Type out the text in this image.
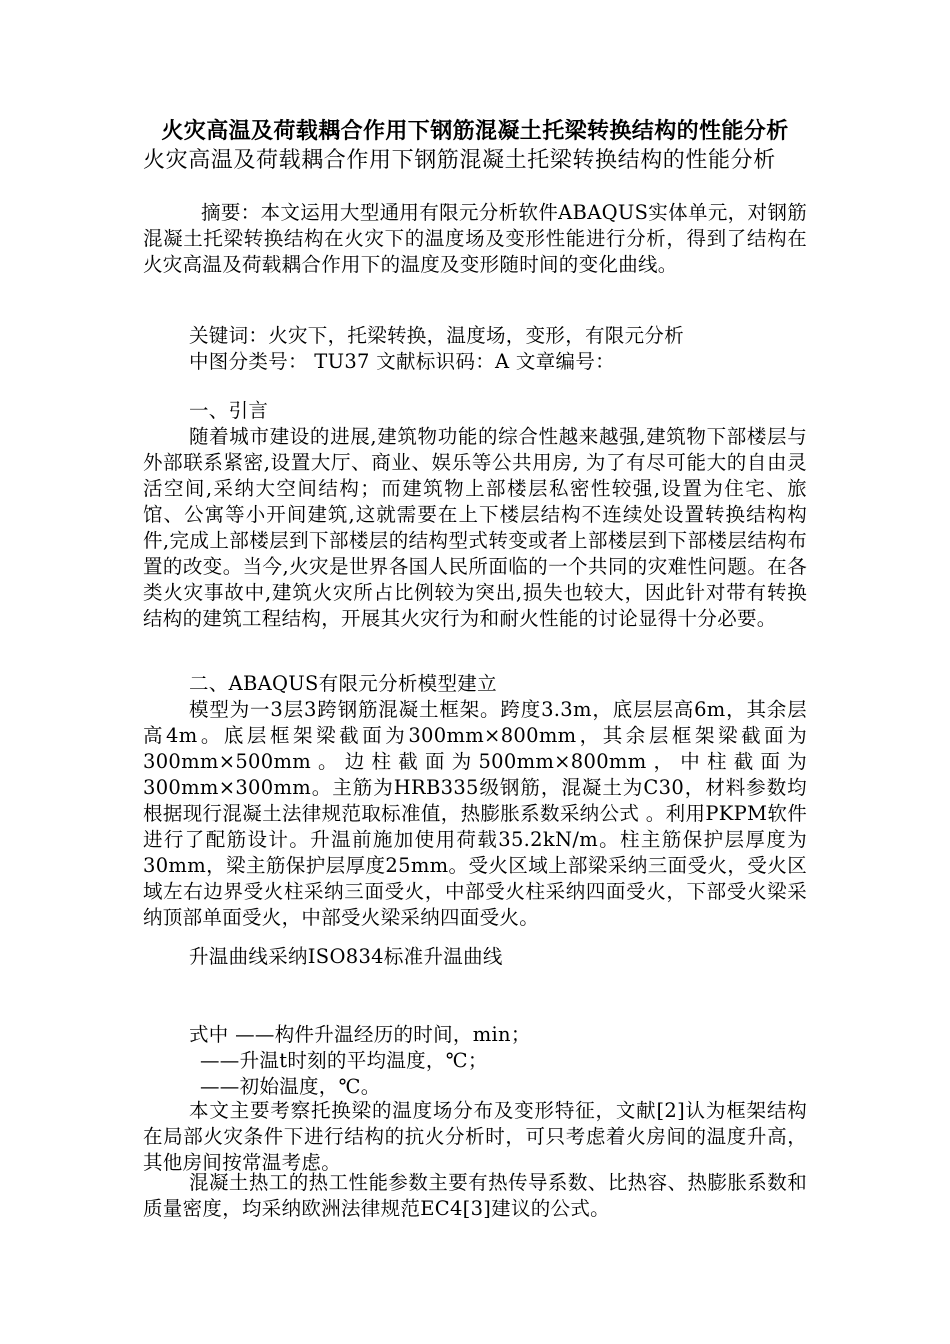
火灾高温及荷载耦合作用下钢筋混凝土托梁转换结构的性能分析
火灾高温及荷载耦合作用下钢筋混凝土托梁转换结构的性能分析
摘要：本文运用大型通用有限元分析软件ABAQUS实体单元，对钢筋混凝土托梁转换结构在火灾下的温度场及变形性能进行分析，得到了结构在火灾高温及荷载耦合作用下的温度及变形随时间的变化曲线。
关键词：火灾下，托梁转换，温度场，变形，有限元分析
中图分类号： TU37 文献标识码：A 文章编号：
一、引言
随着城市建设的进展,建筑物功能的综合性越来越强,建筑物下部楼层与外部联系紧密,设置大厅、商业、娱乐等公共用房, 为了有尽可能大的自由灵活空间,采纳大空间结构；而建筑物上部楼层私密性较强,设置为住宅、旅馆、公寓等小开间建筑,这就需要在上下楼层结构不连续处设置转换结构构件,完成上部楼层到下部楼层的结构型式转变或者上部楼层到下部楼层结构布置的改变。当今,火灾是世界各国人民所面临的一个共同的灾难性问题。在各类火灾事故中,建筑火灾所占比例较为突出,损失也较大，因此针对带有转换结构的建筑工程结构，开展其火灾行为和耐火性能的讨论显得十分必要。
二、ABAQUS有限元分析模型建立
模型为一3层3跨钢筋混凝土框架。跨度3.3m，底层层高6m，其余层高4m。底层框架梁截面为300mm×800mm，其余层框架梁截面为300mm×500mm。边柱截面为500mm×800mm，中柱截面为300mm×300mm。主筋为HRB335级钢筋，混凝土为C30，材料参数均根据现行混凝土法律规范取标准值，热膨胀系数采纳公式 。利用PKPM软件进行了配筋设计。升温前施加使用荷载35.2kN/m。柱主筋保护层厚度为30mm，梁主筋保护层厚度25mm。受火区域上部梁采纳三面受火，受火区域左右边界受火柱采纳三面受火，中部受火柱采纳四面受火，下部受火梁采纳顶部单面受火，中部受火梁采纳四面受火。
升温曲线采纳ISO834标准升温曲线
式中 ——构件升温经历的时间，min；
——升温t时刻的平均温度，℃；
——初始温度，℃。
本文主要考察托换梁的温度场分布及变形特征，文献[2]认为框架结构在局部火灾条件下进行结构的抗火分析时，可只考虑着火房间的温度升高，其他房间按常温考虑。
混凝土热工的热工性能参数主要有热传导系数、比热容、热膨胀系数和质量密度，均采纳欧洲法律规范EC4[3]建议的公式。
